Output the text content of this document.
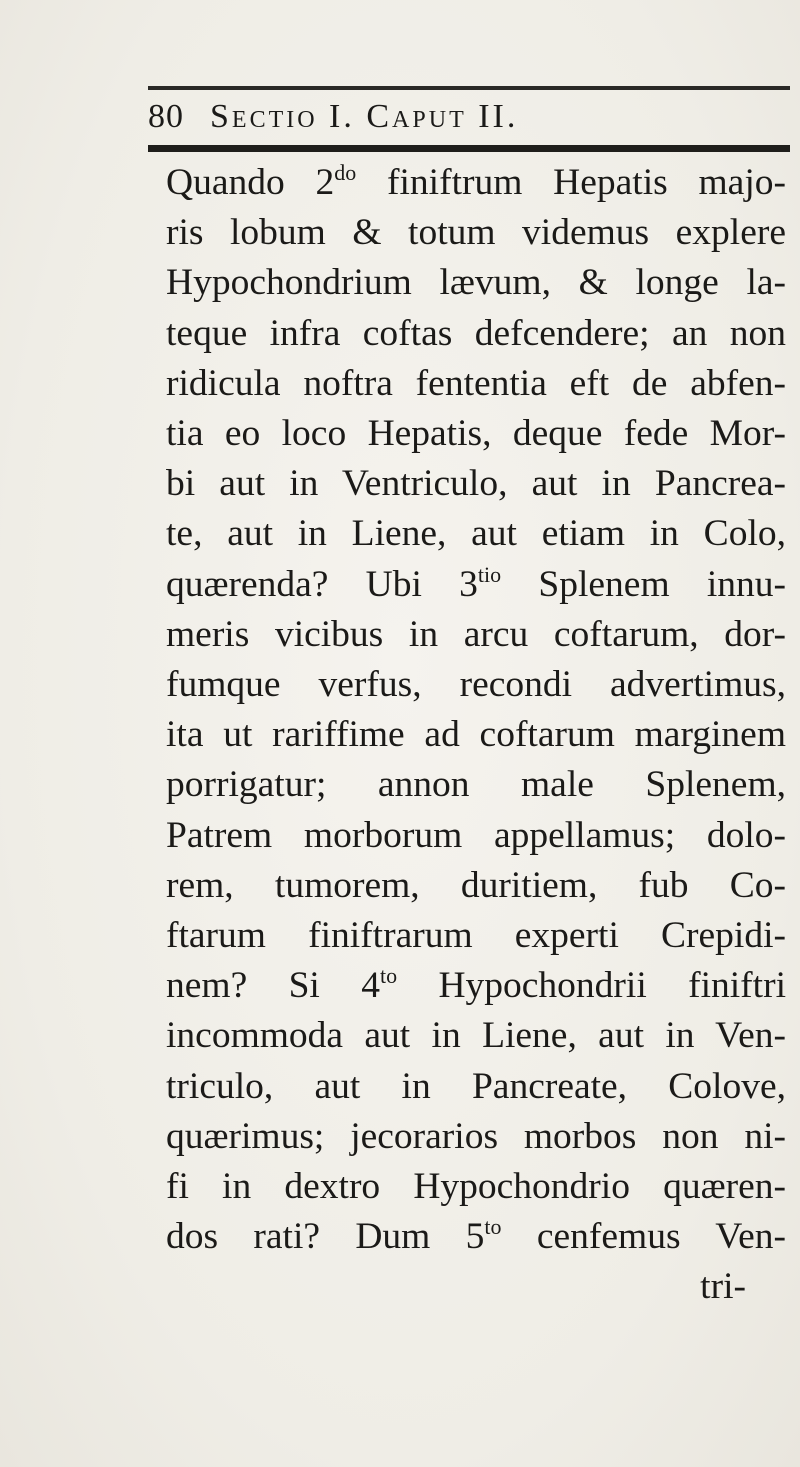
80 Sectio I. Caput II.
Quando $2^{do}$ finiftrum Hepatis majo-
ris lobum & totum videmus explere
Hypochondrium lævum, & longe la-
teque infra coftas defcendere; an non
ridicula noftra fententia eft de abfen-
tia eo loco Hepatis, deque fede Mor-
bi aut in Ventriculo, aut in Pancrea-
te, aut in Liene, aut etiam in Colo,
quærenda? Ubi $3^{tio}$ Splenem innu-
meris vicibus in arcu coftarum, dor-
fumque verfus, recondi advertimus,
ita ut rariffime ad coftarum marginem
porrigatur; annon male Splenem,
Patrem morborum appellamus; dolo-
rem, tumorem, duritiem, fub Co-
ftarum finiftrarum experti Crepidi-
nem? Si $4^{to}$ Hypochondrii finiftri
incommoda aut in Liene, aut in Ven-
triculo, aut in Pancreate, Colove,
quærimus; jecorarios morbos non ni-
fi in dextro Hypochondrio quæren-
dos rati? Dum $5^{to}$ cenfemus Ven-
tri-
